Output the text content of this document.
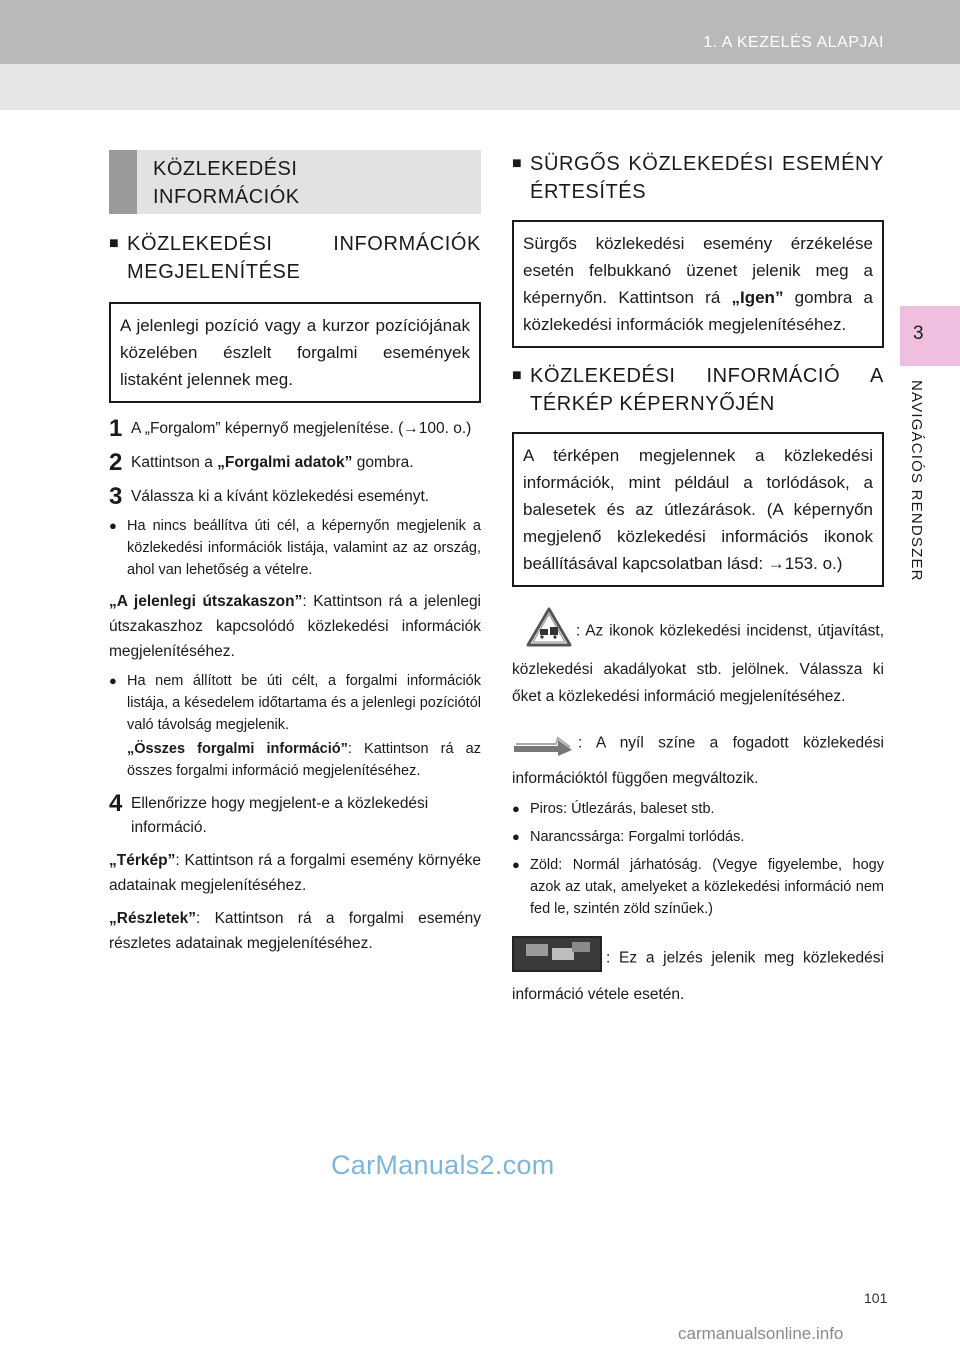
1. A KEZELÉS ALAPJAI
3
NAVIGÁCIÓS RENDSZER
KÖZLEKEDÉSI
INFORMÁCIÓK
■ KÖZLEKEDÉSI INFORMÁCIÓK MEGJELENÍTÉSE
A jelenlegi pozíció vagy a kurzor pozíciójának közelében észlelt forgalmi események listaként jelennek meg.
1 A „Forgalom” képernyő megjelenítése. (→100. o.)
2 Kattintson a „Forgalmi adatok” gombra.
3 Válassza ki a kívánt közlekedési eseményt.
● Ha nincs beállítva úti cél, a képernyőn megjelenik a közlekedési információk listája, valamint az az ország, ahol van lehetőség a vételre.
„A jelenlegi útszakaszon”: Kattintson rá a jelenlegi útszakaszhoz kapcsolódó közlekedési információk megjelenítéséhez.
● Ha nem állított be úti célt, a forgalmi információk listája, a késedelem időtartama és a jelenlegi pozíciótól való távolság megjelenik.
„Összes forgalmi információ”: Kattintson rá az összes forgalmi információ megjelenítéséhez.
4 Ellenőrizze hogy megjelent-e a közlekedési információ.
„Térkép”: Kattintson rá a forgalmi esemény környéke adatainak megjelenítéséhez.
„Részletek”: Kattintson rá a forgalmi esemény részletes adatainak megjelenítéséhez.
■ SÜRGŐS KÖZLEKEDÉSI ESEMÉNY ÉRTESÍTÉS
Sürgős közlekedési esemény érzékelése esetén felbukkanó üzenet jelenik meg a képernyőn. Kattintson rá „Igen” gombra a közlekedési információk megjelenítéséhez.
■ KÖZLEKEDÉSI INFORMÁCIÓ A TÉRKÉP KÉPERNYŐJÉN
A térképen megjelennek a közlekedési információk, mint például a torlódások, a balesetek és az útlezárások. (A képernyőn megjelenő közlekedési információs ikonok beállításával kapcsolatban lásd: →153. o.)
: Az ikonok közlekedési incidenst, útjavítást, közlekedési akadályokat stb. jelölnek. Válassza ki őket a közlekedési információ megjelenítéséhez.
: A nyíl színe a fogadott közlekedési információktól függően megváltozik.
● Piros: Útlezárás, baleset stb.
● Narancssárga: Forgalmi torlódás.
● Zöld: Normál járhatóság. (Vegye figyelembe, hogy azok az utak, amelyeket a közlekedési információ nem fed le, szintén zöld színűek.)
: Ez a jelzés jelenik meg közlekedési információ vétele esetén.
CarManuals2.com
101
carmanualsonline.info
